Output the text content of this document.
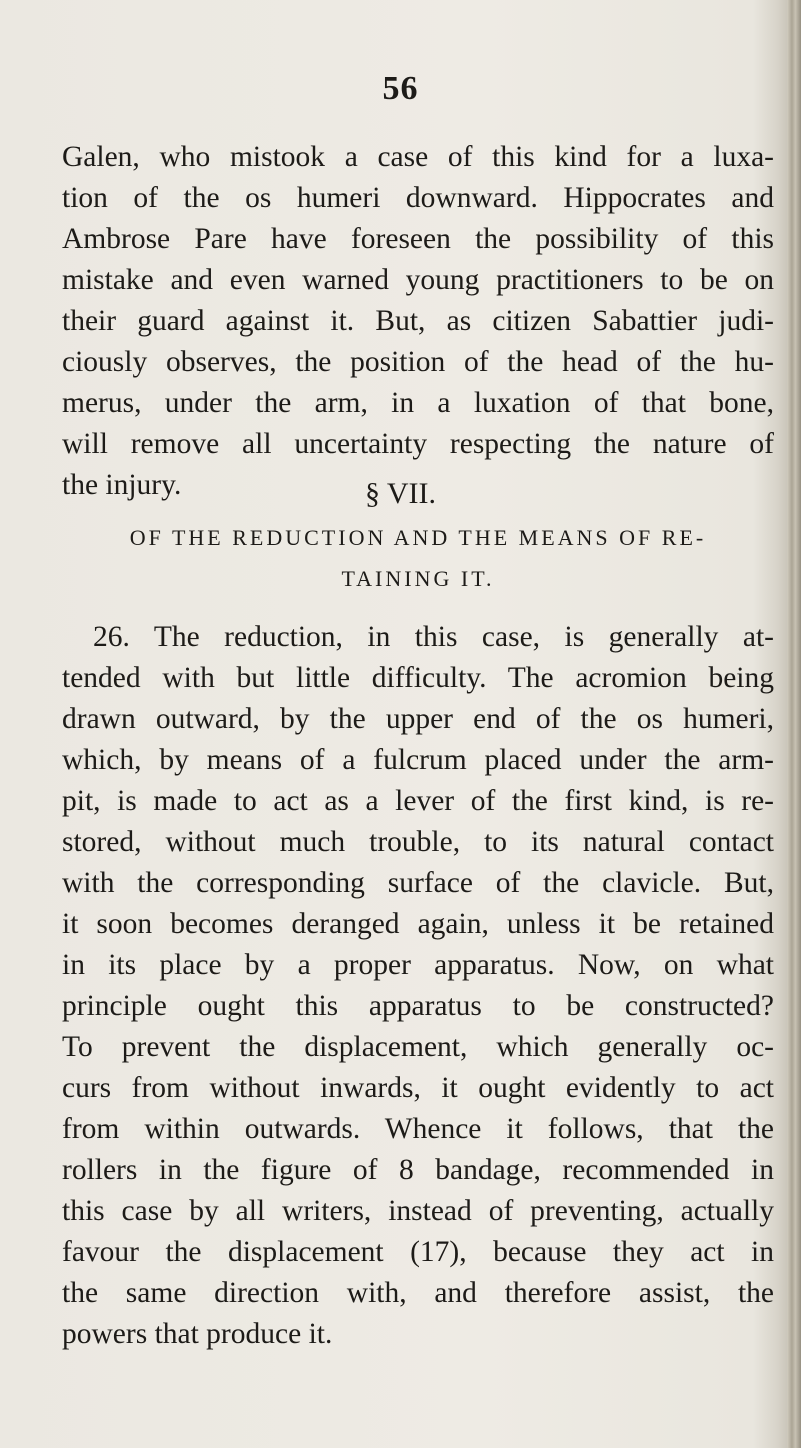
56
Galen, who mistook a case of this kind for a luxa-
tion of the os humeri downward. Hippocrates and
Ambrose Pare have foreseen the possibility of this
mistake and even warned young practitioners to be on
their guard against it. But, as citizen Sabattier judi-
ciously observes, the position of the head of the hu-
merus, under the arm, in a luxation of that bone,
will remove all uncertainty respecting the nature of
the injury.	§ VII.
OF THE REDUCTION AND THE MEANS OF RE-
TAINING IT.
26. The reduction, in this case, is generally at-
tended with but little difficulty. The acromion being
drawn outward, by the upper end of the os humeri,
which, by means of a fulcrum placed under the arm-
pit, is made to act as a lever of the first kind, is re-
stored, without much trouble, to its natural contact
with the corresponding surface of the clavicle. But,
it soon becomes deranged again, unless it be retained
in its place by a proper apparatus. Now, on what
principle ought this apparatus to be constructed?
To prevent the displacement, which generally oc-
curs from without inwards, it ought evidently to act
from within outwards. Whence it follows, that the
rollers in the figure of 8 bandage, recommended in
this case by all writers, instead of preventing, actually
favour the displacement (17), because they act in
the same direction with, and therefore assist, the
powers that produce it.
